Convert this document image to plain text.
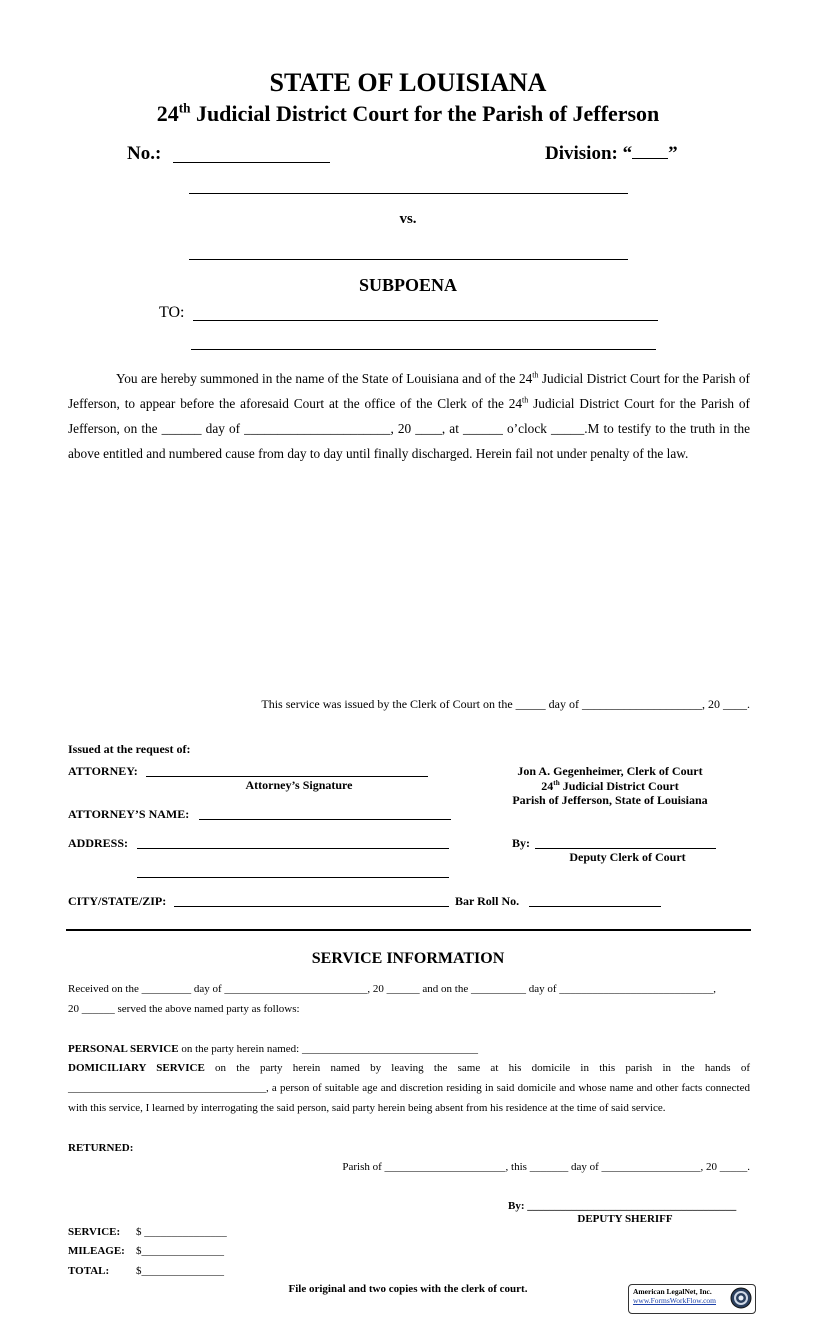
STATE OF LOUISIANA
24th Judicial District Court for the Parish of Jefferson
No.:	Division: “ ”
vs.
SUBPOENA
TO:
You are hereby summoned in the name of the State of Louisiana and of the 24th Judicial District Court for the Parish of Jefferson, to appear before the aforesaid Court at the office of the Clerk of the 24th Judicial District Court for the Parish of Jefferson, on the ______ day of ______________________, 20 ____, at ______ o’clock _____.M to testify to the truth in the above entitled and numbered cause from day to day until finally discharged. Herein fail not under penalty of the law.
This service was issued by the Clerk of Court on the _____ day of ____________________, 20 ____.
Issued at the request of:
ATTORNEY:
Attorney’s Signature
ATTORNEY’S NAME:
ADDRESS:
CITY/STATE/ZIP:	Bar Roll No.
Jon A. Gegenheimer, Clerk of Court
24th Judicial District Court
Parish of Jefferson, State of Louisiana
By:
Deputy Clerk of Court
SERVICE INFORMATION
Received on the _________ day of __________________________, 20 ______ and on the __________ day of ____________________________,
20 ______ served the above named party as follows:
PERSONAL SERVICE on the party herein named: ________________________________
DOMICILIARY SERVICE on the party herein named by leaving the same at his domicile in this parish in the hands of ____________________________________, a person of suitable age and discretion residing in said domicile and whose name and other facts connected with this service, I learned by interrogating the said person, said party herein being absent from his residence at the time of said service.
RETURNED:
Parish of ______________________, this _______ day of __________________, 20 _____.
By: ______________________________________
DEPUTY SHERIFF
SERVICE: $ _______________
MILEAGE: $_______________
TOTAL: $_______________
File original and two copies with the clerk of court.	American LegalNet, Inc.
www.FormsWorkFlow.com
